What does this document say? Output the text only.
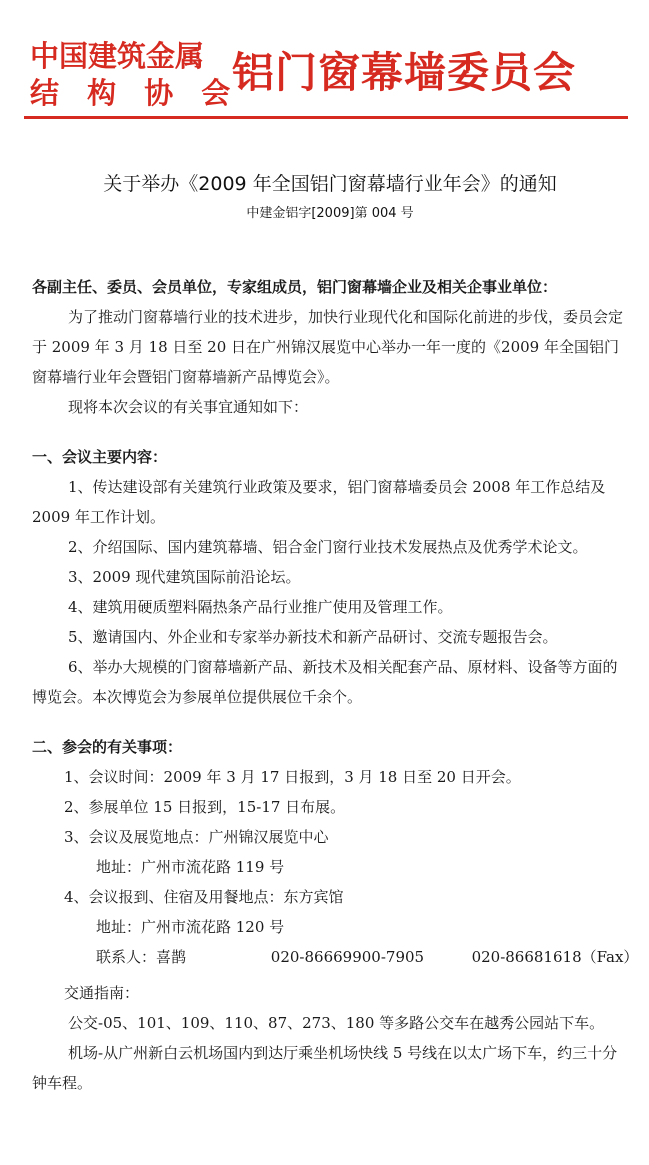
中国建筑金属
结 构 协 会
铝门窗幕墙委员会
关于举办《2009 年全国铝门窗幕墙行业年会》的通知
中建金铝字[2009]第 004 号

各副主任、委员、会员单位，专家组成员，铝门窗幕墙企业及相关企事业单位：

为了推动门窗幕墙行业的技术进步，加快行业现代化和国际化前进的步伐，委员会定于 2009 年 3 月 18 日至 20 日在广州锦汉展览中心举办一年一度的《2009 年全国铝门窗幕墙行业年会暨铝门窗幕墙新产品博览会》。

现将本次会议的有关事宜通知如下：

一、会议主要内容：

1、传达建设部有关建筑行业政策及要求，铝门窗幕墙委员会 2008 年工作总结及 2009 年工作计划。

2、介绍国际、国内建筑幕墙、铝合金门窗行业技术发展热点及优秀学术论文。

3、2009 现代建筑国际前沿论坛。

4、建筑用硬质塑料隔热条产品行业推广使用及管理工作。

5、邀请国内、外企业和专家举办新技术和新产品研讨、交流专题报告会。

6、举办大规模的门窗幕墙新产品、新技术及相关配套产品、原材料、设备等方面的博览会。本次博览会为参展单位提供展位千余个。

二、参会的有关事项：

1、会议时间：2009 年 3 月 17 日报到，3 月 18 日至 20 日开会。

2、参展单位 15 日报到，15-17 日布展。

3、会议及展览地点：广州锦汉展览中心

地址：广州市流花路 119 号

4、会议报到、住宿及用餐地点：东方宾馆

地址：广州市流花路 120 号

联系人：喜鹊	020-86669900-7905	020-86681618（Fax）

交通指南：

公交-05、101、109、110、87、273、180 等多路公交车在越秀公园站下车。

机场-从广州新白云机场国内到达厅乘坐机场快线 5 号线在以太广场下车，约三十分钟车程。
